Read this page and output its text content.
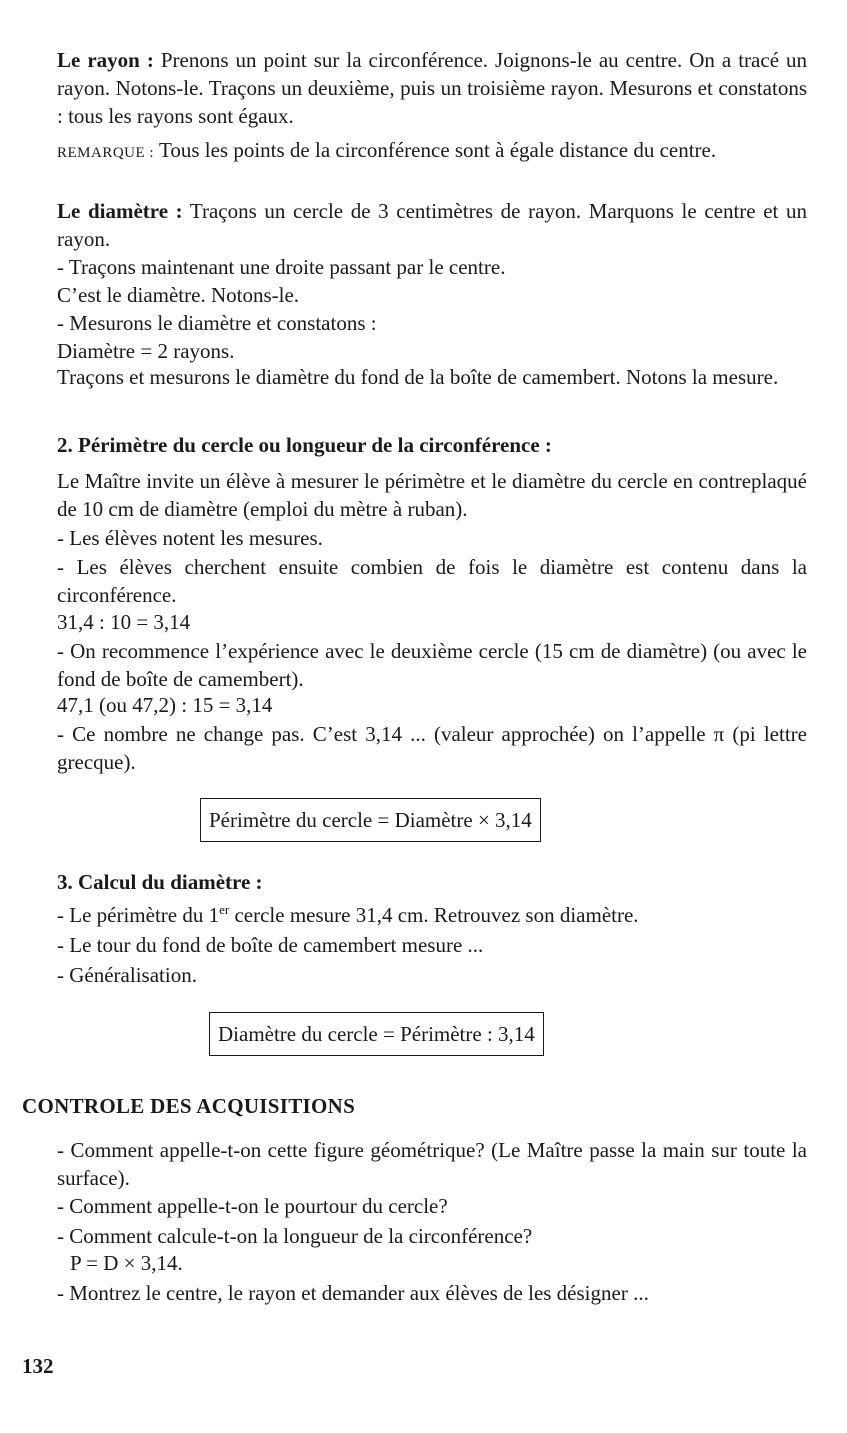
Le rayon : Prenons un point sur la circonférence. Joignons-le au centre. On a tracé un rayon. Notons-le. Traçons un deuxième, puis un troisième rayon. Mesurons et constatons : tous les rayons sont égaux.
REMARQUE : Tous les points de la circonférence sont à égale distance du centre.
Le diamètre : Traçons un cercle de 3 centimètres de rayon. Marquons le centre et un rayon.
- Traçons maintenant une droite passant par le centre.
C’est le diamètre. Notons-le.
- Mesurons le diamètre et constatons :
Diamètre = 2 rayons.
Traçons et mesurons le diamètre du fond de la boîte de camembert. Notons la mesure.
2. Périmètre du cercle ou longueur de la circonférence :
Le Maître invite un élève à mesurer le périmètre et le diamètre du cercle en contreplaqué de 10 cm de diamètre (emploi du mètre à ruban).
- Les élèves notent les mesures.
- Les élèves cherchent ensuite combien de fois le diamètre est contenu dans la circonférence.
31,4 : 10 = 3,14
- On recommence l’expérience avec le deuxième cercle (15 cm de diamètre) (ou avec le fond de boîte de camembert).
47,1 (ou 47,2) : 15 = 3,14
- Ce nombre ne change pas. C’est 3,14 ... (valeur approchée) on l’appelle π (pi lettre grecque).
Périmètre du cercle = Diamètre × 3,14
3. Calcul du diamètre :
- Le périmètre du 1er cercle mesure 31,4 cm. Retrouvez son diamètre.
- Le tour du fond de boîte de camembert mesure ...
- Généralisation.
Diamètre du cercle = Périmètre : 3,14
CONTROLE DES ACQUISITIONS
- Comment appelle-t-on cette figure géométrique? (Le Maître passe la main sur toute la surface).
- Comment appelle-t-on le pourtour du cercle?
- Comment calcule-t-on la longueur de la circonférence?
P = D × 3,14.
- Montrez le centre, le rayon et demander aux élèves de les désigner ...
132
